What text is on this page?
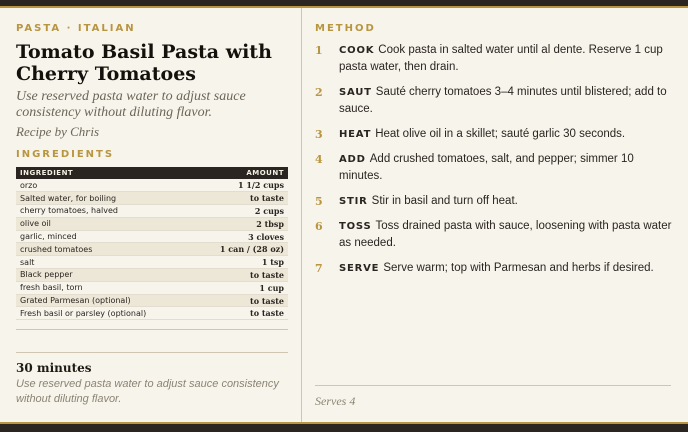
PASTA · ITALIAN
Tomato Basil Pasta with Cherry Tomatoes
Use reserved pasta water to adjust sauce consistency without diluting flavor.
Recipe by Chris
INGREDIENTS
INGREDIENT	AMOUNT
orzo	1 1/2 cups
Salted water, for boiling	to taste
cherry tomatoes, halved	2 cups
olive oil	2 tbsp
garlic, minced	3 cloves
crushed tomatoes	1 can / (28 oz)
salt	1 tsp
Black pepper	to taste
fresh basil, torn	1 cup
Grated Parmesan (optional)	to taste
Fresh basil or parsley (optional)	to taste
30 minutes
Use reserved pasta water to adjust sauce consistency without diluting flavor.
METHOD
1 COOK Cook pasta in salted water until al dente. Reserve 1 cup pasta water, then drain.
2 SAUT Sauté cherry tomatoes 3–4 minutes until blistered; add to sauce.
3 HEAT Heat olive oil in a skillet; sauté garlic 30 seconds.
4 ADD Add crushed tomatoes, salt, and pepper; simmer 10 minutes.
5 STIR Stir in basil and turn off heat.
6 TOSS Toss drained pasta with sauce, loosening with pasta water as needed.
7 SERVE Serve warm; top with Parmesan and herbs if desired.
Serves 4
